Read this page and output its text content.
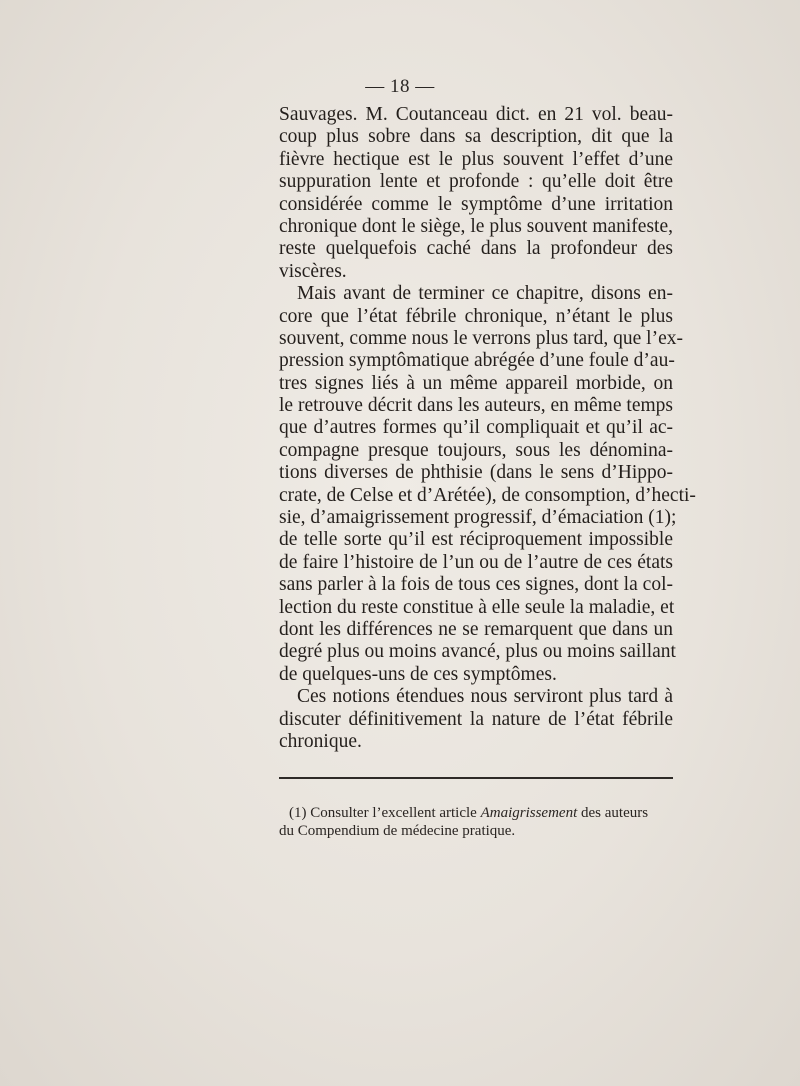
— 18 —
Sauvages. M. Coutanceau dict. en 21 vol. beau-
coup plus sobre dans sa description, dit que la
fièvre hectique est le plus souvent l’effet d’une
suppuration lente et profonde : qu’elle doit être
considérée comme le symptôme d’une irritation
chronique dont le siège, le plus souvent manifeste,
reste quelquefois caché dans la profondeur des
viscères.
Mais avant de terminer ce chapitre, disons en-
core que l’état fébrile chronique, n’étant le plus
souvent, comme nous le verrons plus tard, que l’ex-
pression symptômatique abrégée d’une foule d’au-
tres signes liés à un même appareil morbide, on
le retrouve décrit dans les auteurs, en même temps
que d’autres formes qu’il compliquait et qu’il ac-
compagne presque toujours, sous les dénomina-
tions diverses de phthisie (dans le sens d’Hippo-
crate, de Celse et d’Arétée), de consomption, d’hecti-
sie, d’amaigrissement progressif, d’émaciation (1);
de telle sorte qu’il est réciproquement impossible
de faire l’histoire de l’un ou de l’autre de ces états
sans parler à la fois de tous ces signes, dont la col-
lection du reste constitue à elle seule la maladie, et
dont les différences ne se remarquent que dans un
degré plus ou moins avancé, plus ou moins saillant
de quelques-uns de ces symptômes.
Ces notions étendues nous serviront plus tard à
discuter définitivement la nature de l’état fébrile
chronique.
(1) Consulter l’excellent article Amaigrissement des auteurs
du Compendium de médecine pratique.
